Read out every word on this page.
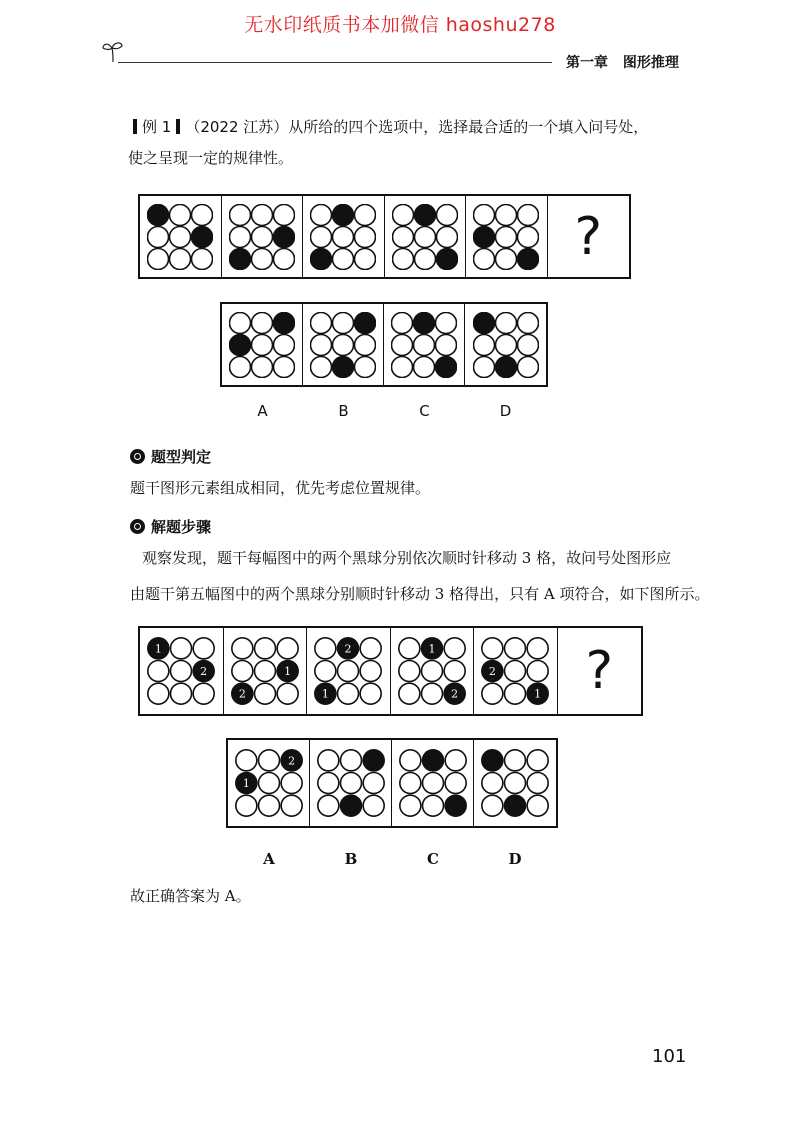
无水印纸质书本加微信 haoshu278
第一章 图形推理
例 1 （2022 江苏）从所给的四个选项中，选择最合适的一个填入问号处，
使之呈现一定的规律性。
?
A	B	C	D
题型判定
题干图形元素组成相同，优先考虑位置规律。
解题步骤
观察发现，题干每幅图中的两个黑球分别依次顺时针移动 3 格，故问号处图形应
由题干第五幅图中的两个黑球分别顺时针移动 3 格得出，只有 A 项符合，如下图所示。
1
2	1
2
2
1
1
2
2
1 ?
2
1
A	B	C	D
故正确答案为 A。
101
